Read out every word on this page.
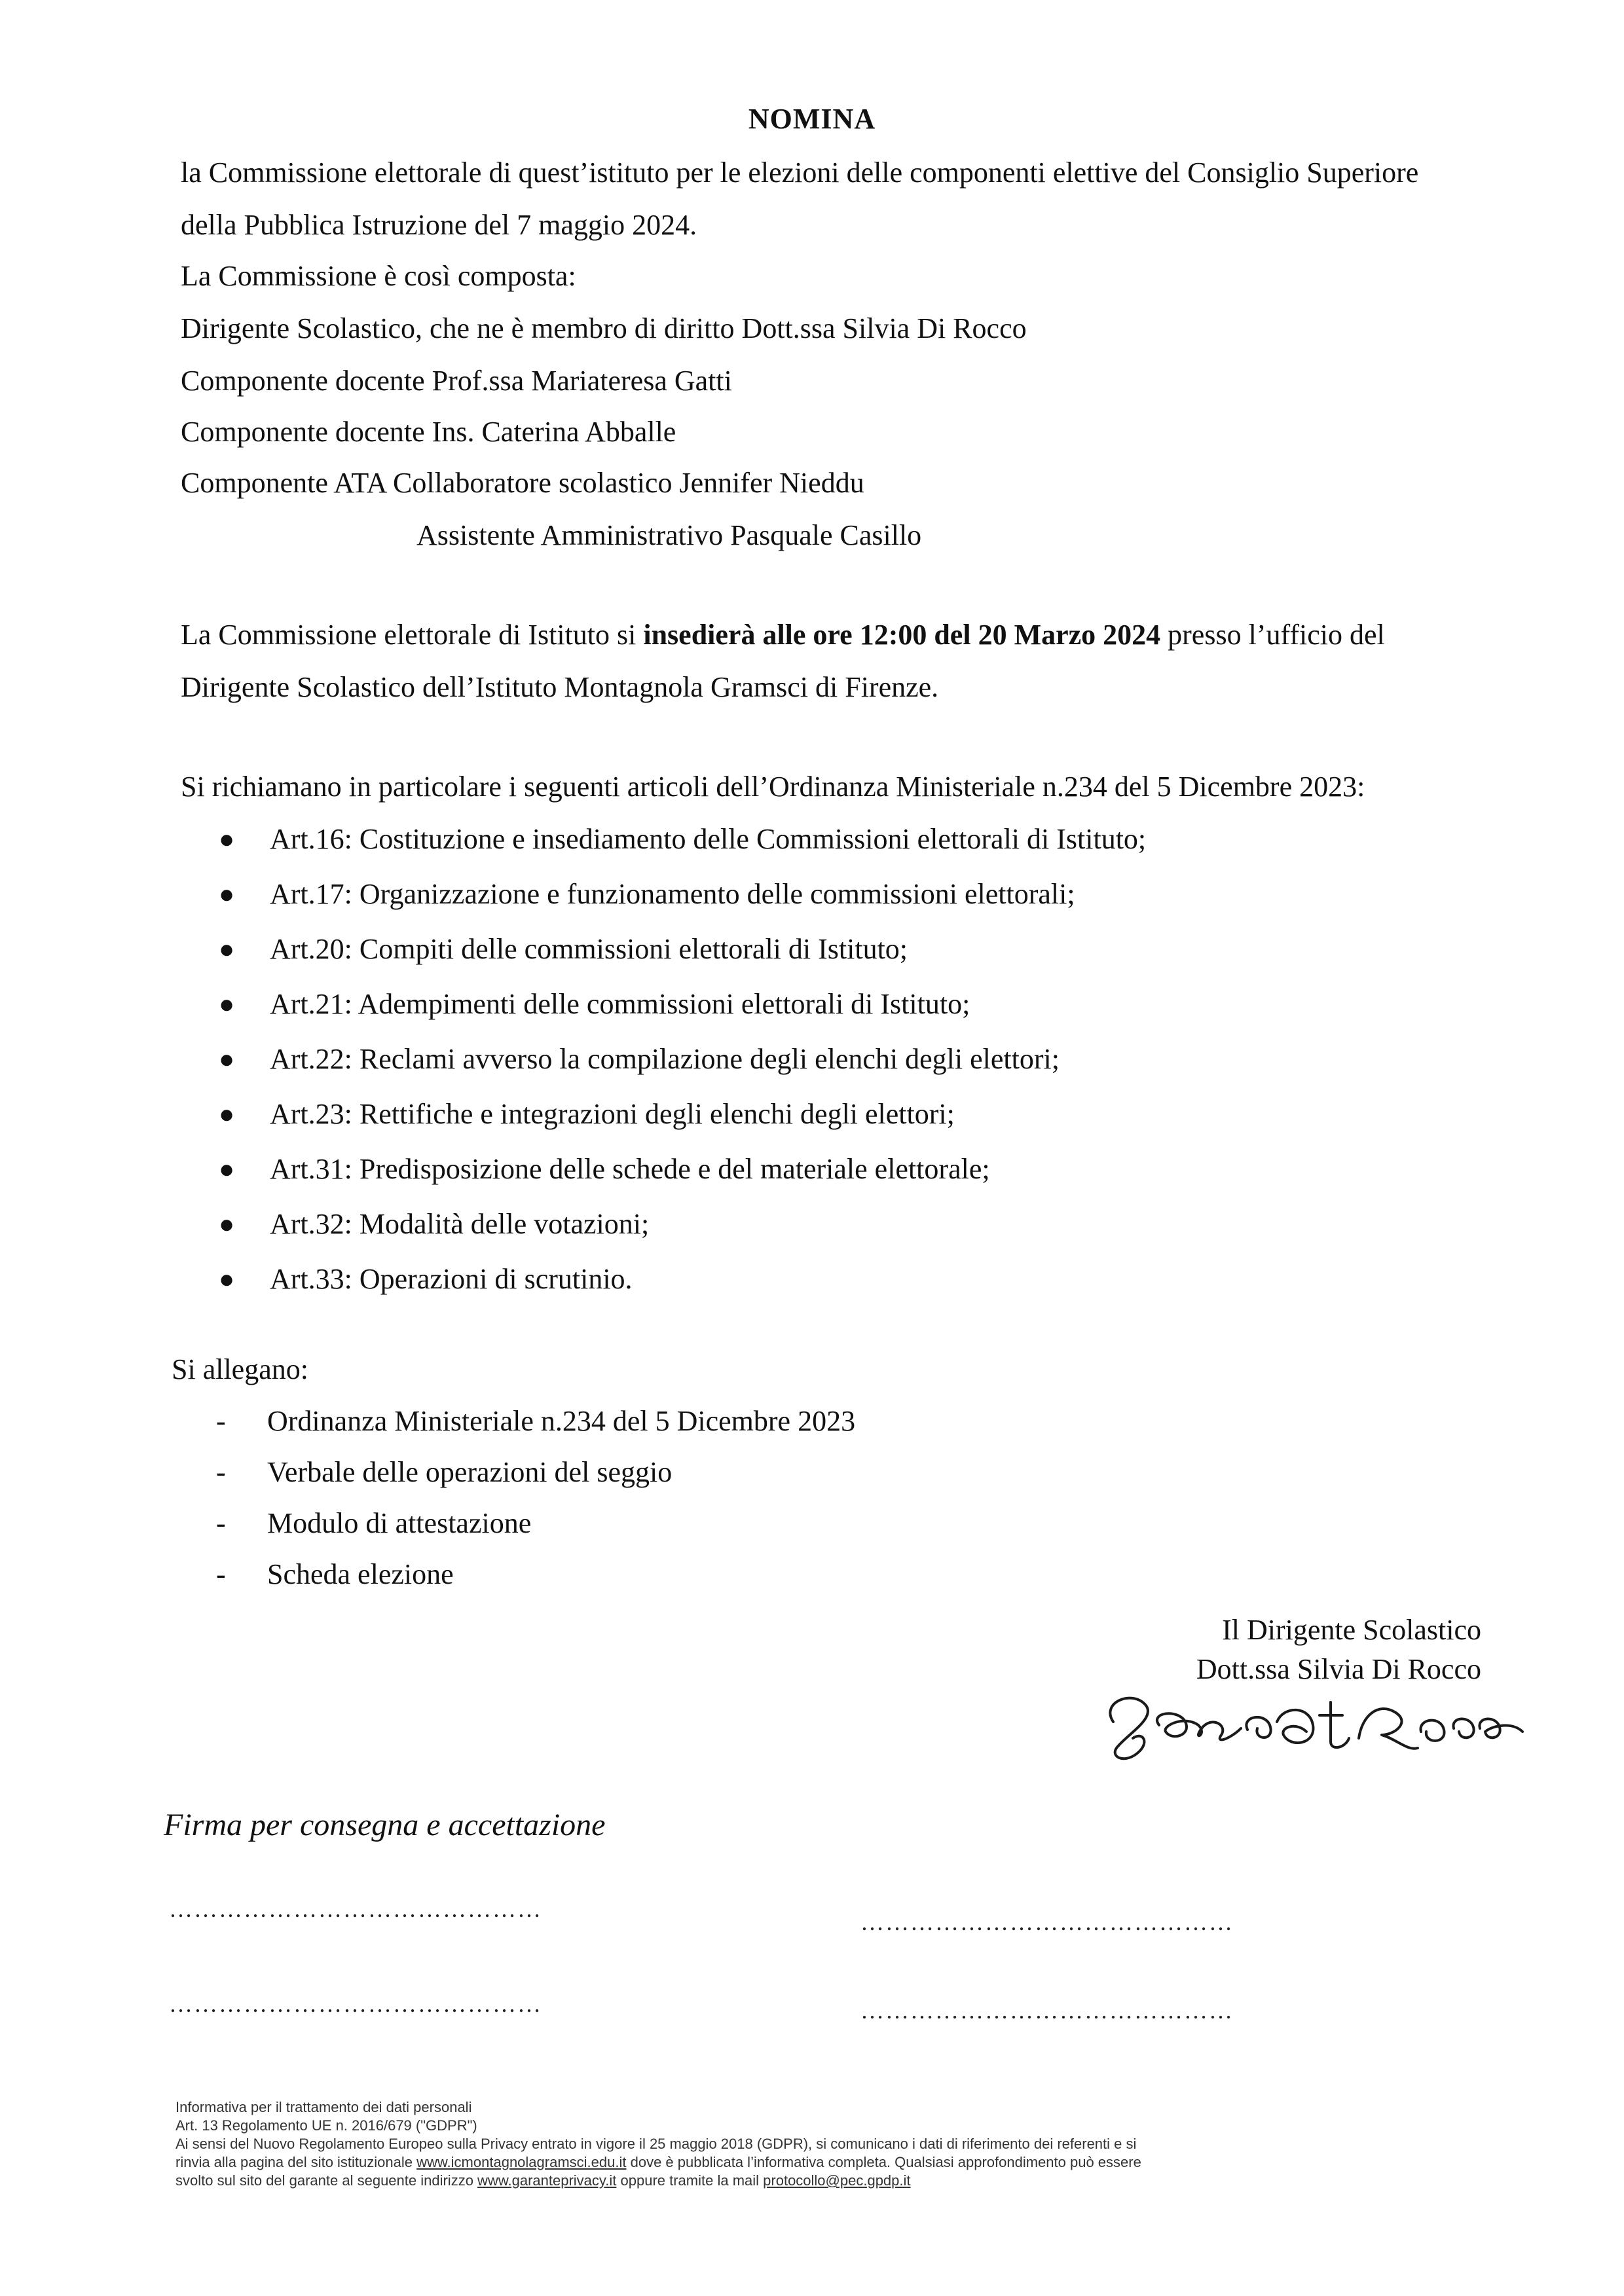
NOMINA
la Commissione elettorale di quest’istituto per le elezioni delle componenti elettive del Consiglio Superiore
della Pubblica Istruzione del 7 maggio 2024.
La Commissione è così composta:
Dirigente Scolastico, che ne è membro di diritto Dott.ssa Silvia Di Rocco
Componente docente Prof.ssa Mariateresa Gatti
Componente docente Ins. Caterina Abballe
Componente ATA Collaboratore scolastico Jennifer Nieddu
Assistente Amministrativo Pasquale Casillo
La Commissione elettorale di Istituto si insedierà alle ore 12:00 del 20 Marzo 2024 presso l’ufficio del
Dirigente Scolastico dell’Istituto Montagnola Gramsci di Firenze.
Si richiamano in particolare i seguenti articoli dell’Ordinanza Ministeriale n.234 del 5 Dicembre 2023:
● Art.16: Costituzione e insediamento delle Commissioni elettorali di Istituto;
● Art.17: Organizzazione e funzionamento delle commissioni elettorali;
● Art.20: Compiti delle commissioni elettorali di Istituto;
● Art.21: Adempimenti delle commissioni elettorali di Istituto;
● Art.22: Reclami avverso la compilazione degli elenchi degli elettori;
● Art.23: Rettifiche e integrazioni degli elenchi degli elettori;
● Art.31: Predisposizione delle schede e del materiale elettorale;
● Art.32: Modalità delle votazioni;
● Art.33: Operazioni di scrutinio.
Si allegano:
- Ordinanza Ministeriale n.234 del 5 Dicembre 2023
- Verbale delle operazioni del seggio
- Modulo di attestazione
- Scheda elezione
Il Dirigente Scolastico
Dott.ssa Silvia Di Rocco
Firma per consegna e accettazione
………………………………………	………………………………………
………………………………………	………………………………………
Informativa per il trattamento dei dati personali
Art. 13 Regolamento UE n. 2016/679 ("GDPR")
Ai sensi del Nuovo Regolamento Europeo sulla Privacy entrato in vigore il 25 maggio 2018 (GDPR), si comunicano i dati di riferimento dei referenti e si
rinvia alla pagina del sito istituzionale www.icmontagnolagramsci.edu.it dove è pubblicata l’informativa completa. Qualsiasi approfondimento può essere
svolto sul sito del garante al seguente indirizzo www.garanteprivacy.it oppure tramite la mail protocollo@pec.gpdp.it
